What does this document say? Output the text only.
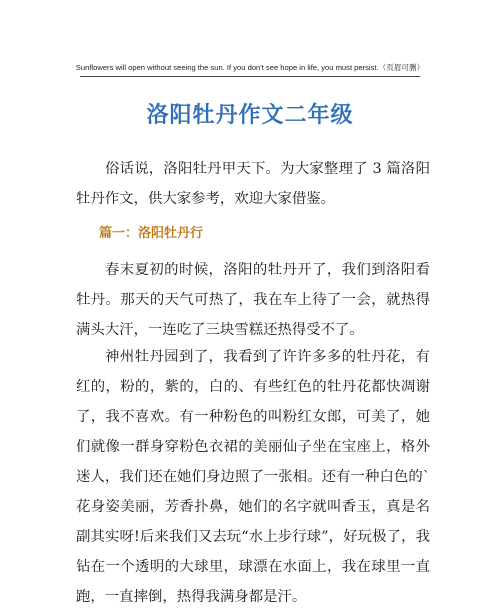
Sunflowers will open without seeing the sun. If you don't see hope in life, you must persist.（页眉可删）
洛阳牡丹作文二年级
俗话说，洛阳牡丹甲天下。为大家整理了 3 篇洛阳牡丹作文，供大家参考，欢迎大家借鉴。
篇一：洛阳牡丹行
春末夏初的时候，洛阳的牡丹开了，我们到洛阳看牡丹。那天的天气可热了，我在车上待了一会，就热得满头大汗，一连吃了三块雪糕还热得受不了。
神州牡丹园到了，我看到了许许多多的牡丹花，有红的，粉的，紫的，白的、有些红色的牡丹花都快凋谢了，我不喜欢。有一种粉色的叫粉红女郎，可美了，她们就像一群身穿粉色衣裙的美丽仙子坐在宝座上，格外迷人，我们还在她们身边照了一张相。还有一种白色的`花身姿美丽，芳香扑鼻，她们的名字就叫香玉，真是名副其实呀!后来我们又去玩“水上步行球”，好玩极了，我钻在一个透明的大球里，球漂在水面上，我在球里一直跑，一直摔倒，热得我满身都是汗。
